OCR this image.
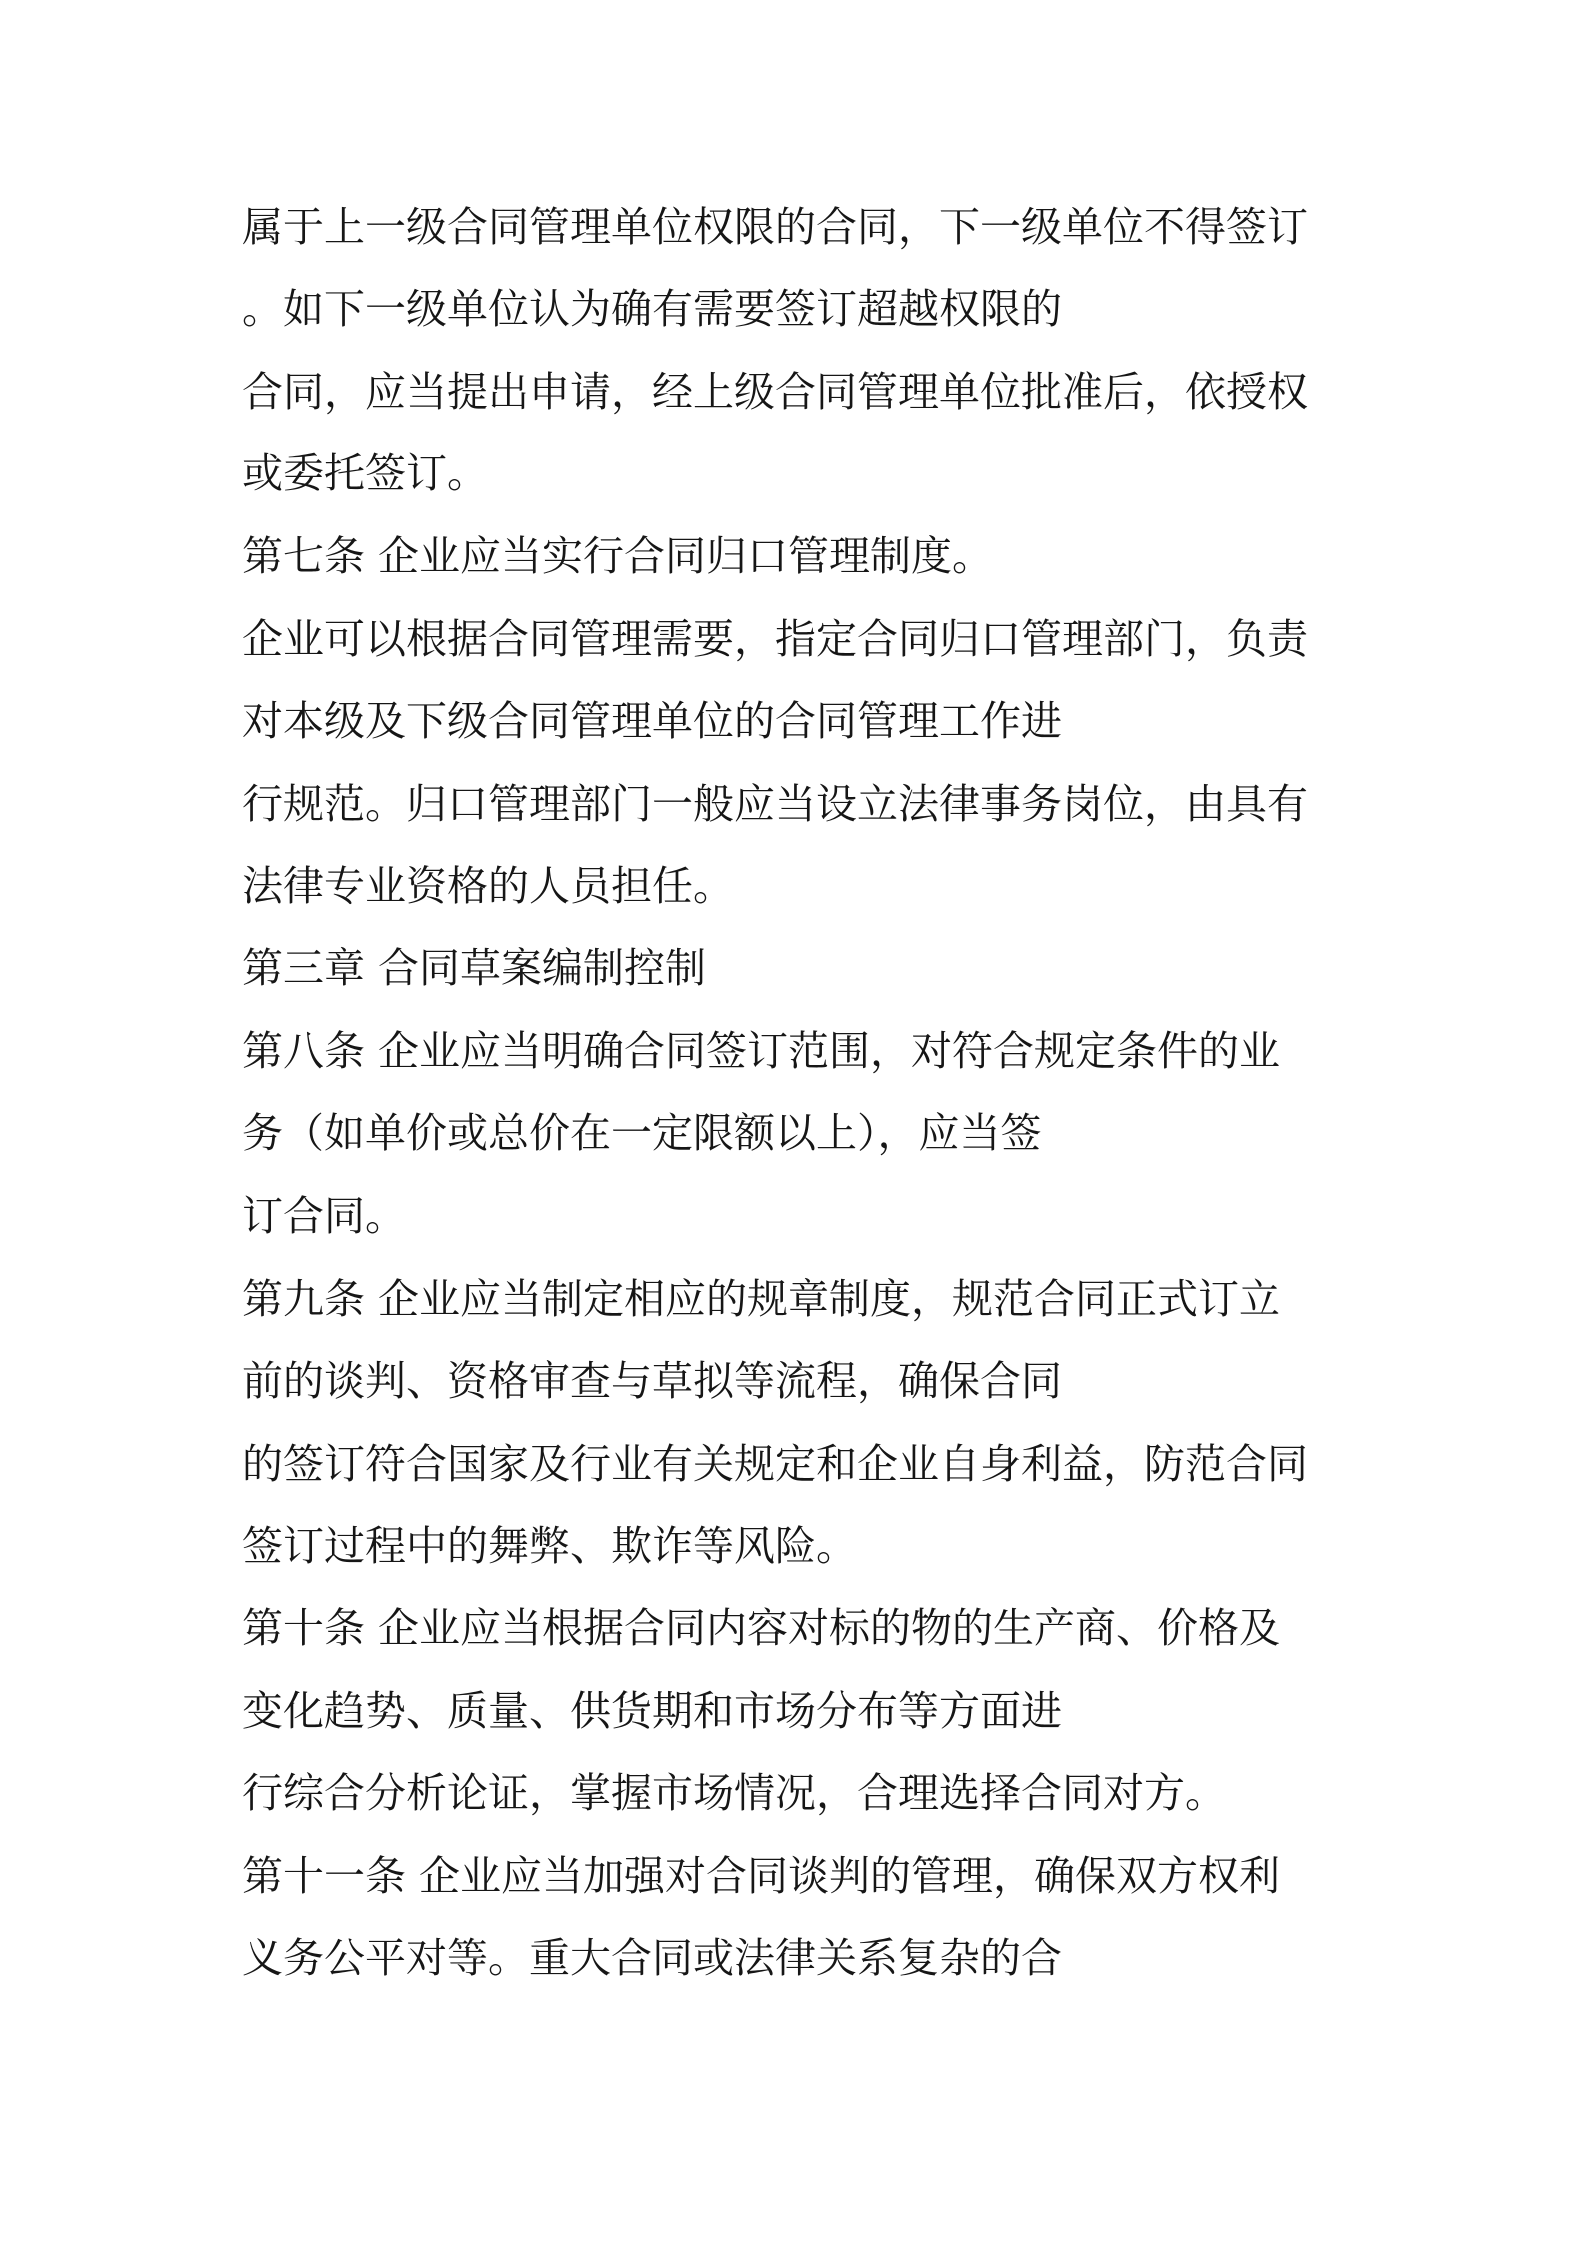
属于上一级合同管理单位权限的合同，下一级单位不得签订

。如下一级单位认为确有需要签订超越权限的

合同，应当提出申请，经上级合同管理单位批准后，依授权

或委托签订。

第七条 企业应当实行合同归口管理制度。

企业可以根据合同管理需要，指定合同归口管理部门，负责

对本级及下级合同管理单位的合同管理工作进

行规范。归口管理部门一般应当设立法律事务岗位，由具有

法律专业资格的人员担任。

第三章 合同草案编制控制

第八条 企业应当明确合同签订范围，对符合规定条件的业

务（如单价或总价在一定限额以上），应当签

订合同。

第九条 企业应当制定相应的规章制度，规范合同正式订立

前的谈判、资格审查与草拟等流程，确保合同

的签订符合国家及行业有关规定和企业自身利益，防范合同

签订过程中的舞弊、欺诈等风险。

第十条 企业应当根据合同内容对标的物的生产商、价格及

变化趋势、质量、供货期和市场分布等方面进

行综合分析论证，掌握市场情况，合理选择合同对方。

第十一条 企业应当加强对合同谈判的管理，确保双方权利

义务公平对等。重大合同或法律关系复杂的合
